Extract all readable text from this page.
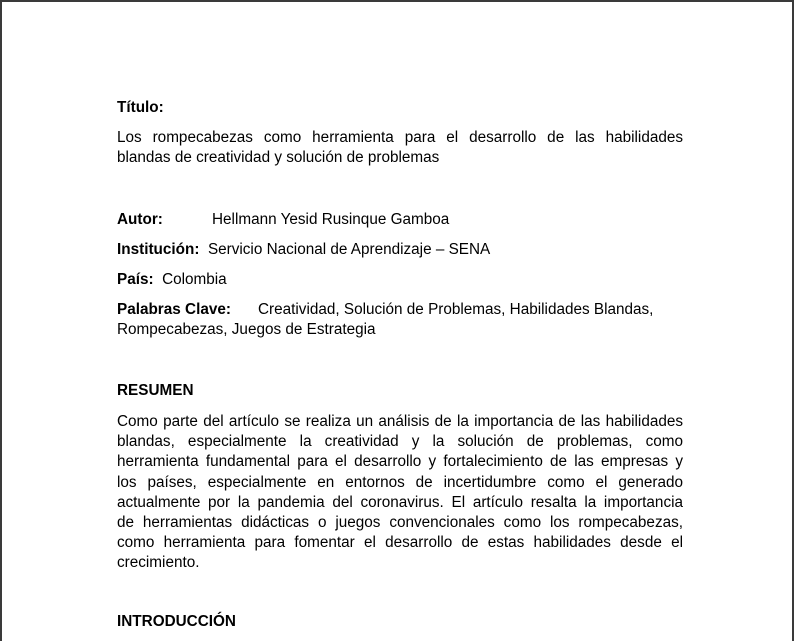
Título:
Los rompecabezas como herramienta para el desarrollo de las habilidades
blandas de creatividad y solución de problemas
Autor:	Hellmann Yesid Rusinque Gamboa
Institución: Servicio Nacional de Aprendizaje – SENA
País: Colombia
Palabras Clave: Creatividad, Solución de Problemas, Habilidades Blandas,
Rompecabezas, Juegos de Estrategia
RESUMEN
Como parte del artículo se realiza un análisis de la importancia de las habilidades
blandas, especialmente la creatividad y la solución de problemas, como
herramienta fundamental para el desarrollo y fortalecimiento de las empresas y
los países, especialmente en entornos de incertidumbre como el generado
actualmente por la pandemia del coronavirus. El artículo resalta la importancia
de herramientas didácticas o juegos convencionales como los rompecabezas,
como herramienta para fomentar el desarrollo de estas habilidades desde el
crecimiento.
INTRODUCCIÓN
